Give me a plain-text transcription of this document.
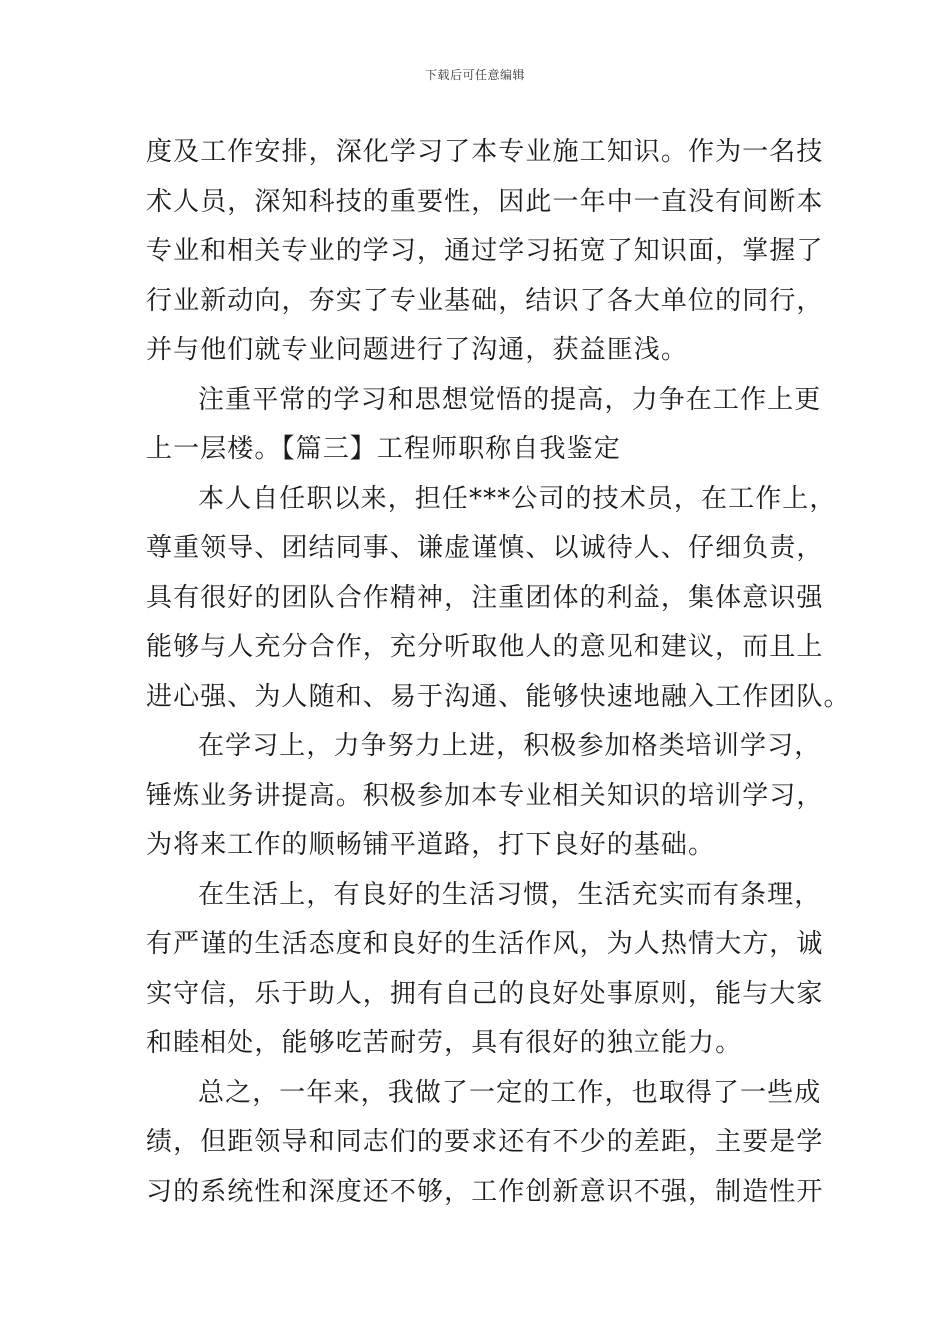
下载后可任意编辑
度及工作安排，深化学习了本专业施工知识。作为一名技
术人员，深知科技的重要性，因此一年中一直没有间断本
专业和相关专业的学习，通过学习拓宽了知识面，掌握了
行业新动向，夯实了专业基础，结识了各大单位的同行，
并与他们就专业问题进行了沟通，获益匪浅。
注重平常的学习和思想觉悟的提高，力争在工作上更
上一层楼。【篇三】工程师职称自我鉴定
本人自任职以来，担任***公司的技术员，在工作上，
尊重领导、团结同事、谦虚谨慎、以诚待人、仔细负责，
具有很好的团队合作精神，注重团体的利益，集体意识强
能够与人充分合作，充分听取他人的意见和建议，而且上
进心强、为人随和、易于沟通、能够快速地融入工作团队。
在学习上，力争努力上进，积极参加格类培训学习，
锤炼业务讲提高。积极参加本专业相关知识的培训学习，
为将来工作的顺畅铺平道路，打下良好的基础。
在生活上，有良好的生活习惯，生活充实而有条理，
有严谨的生活态度和良好的生活作风，为人热情大方，诚
实守信，乐于助人，拥有自己的良好处事原则，能与大家
和睦相处，能够吃苦耐劳，具有很好的独立能力。
总之，一年来，我做了一定的工作，也取得了一些成
绩，但距领导和同志们的要求还有不少的差距，主要是学
习的系统性和深度还不够，工作创新意识不强，制造性开
